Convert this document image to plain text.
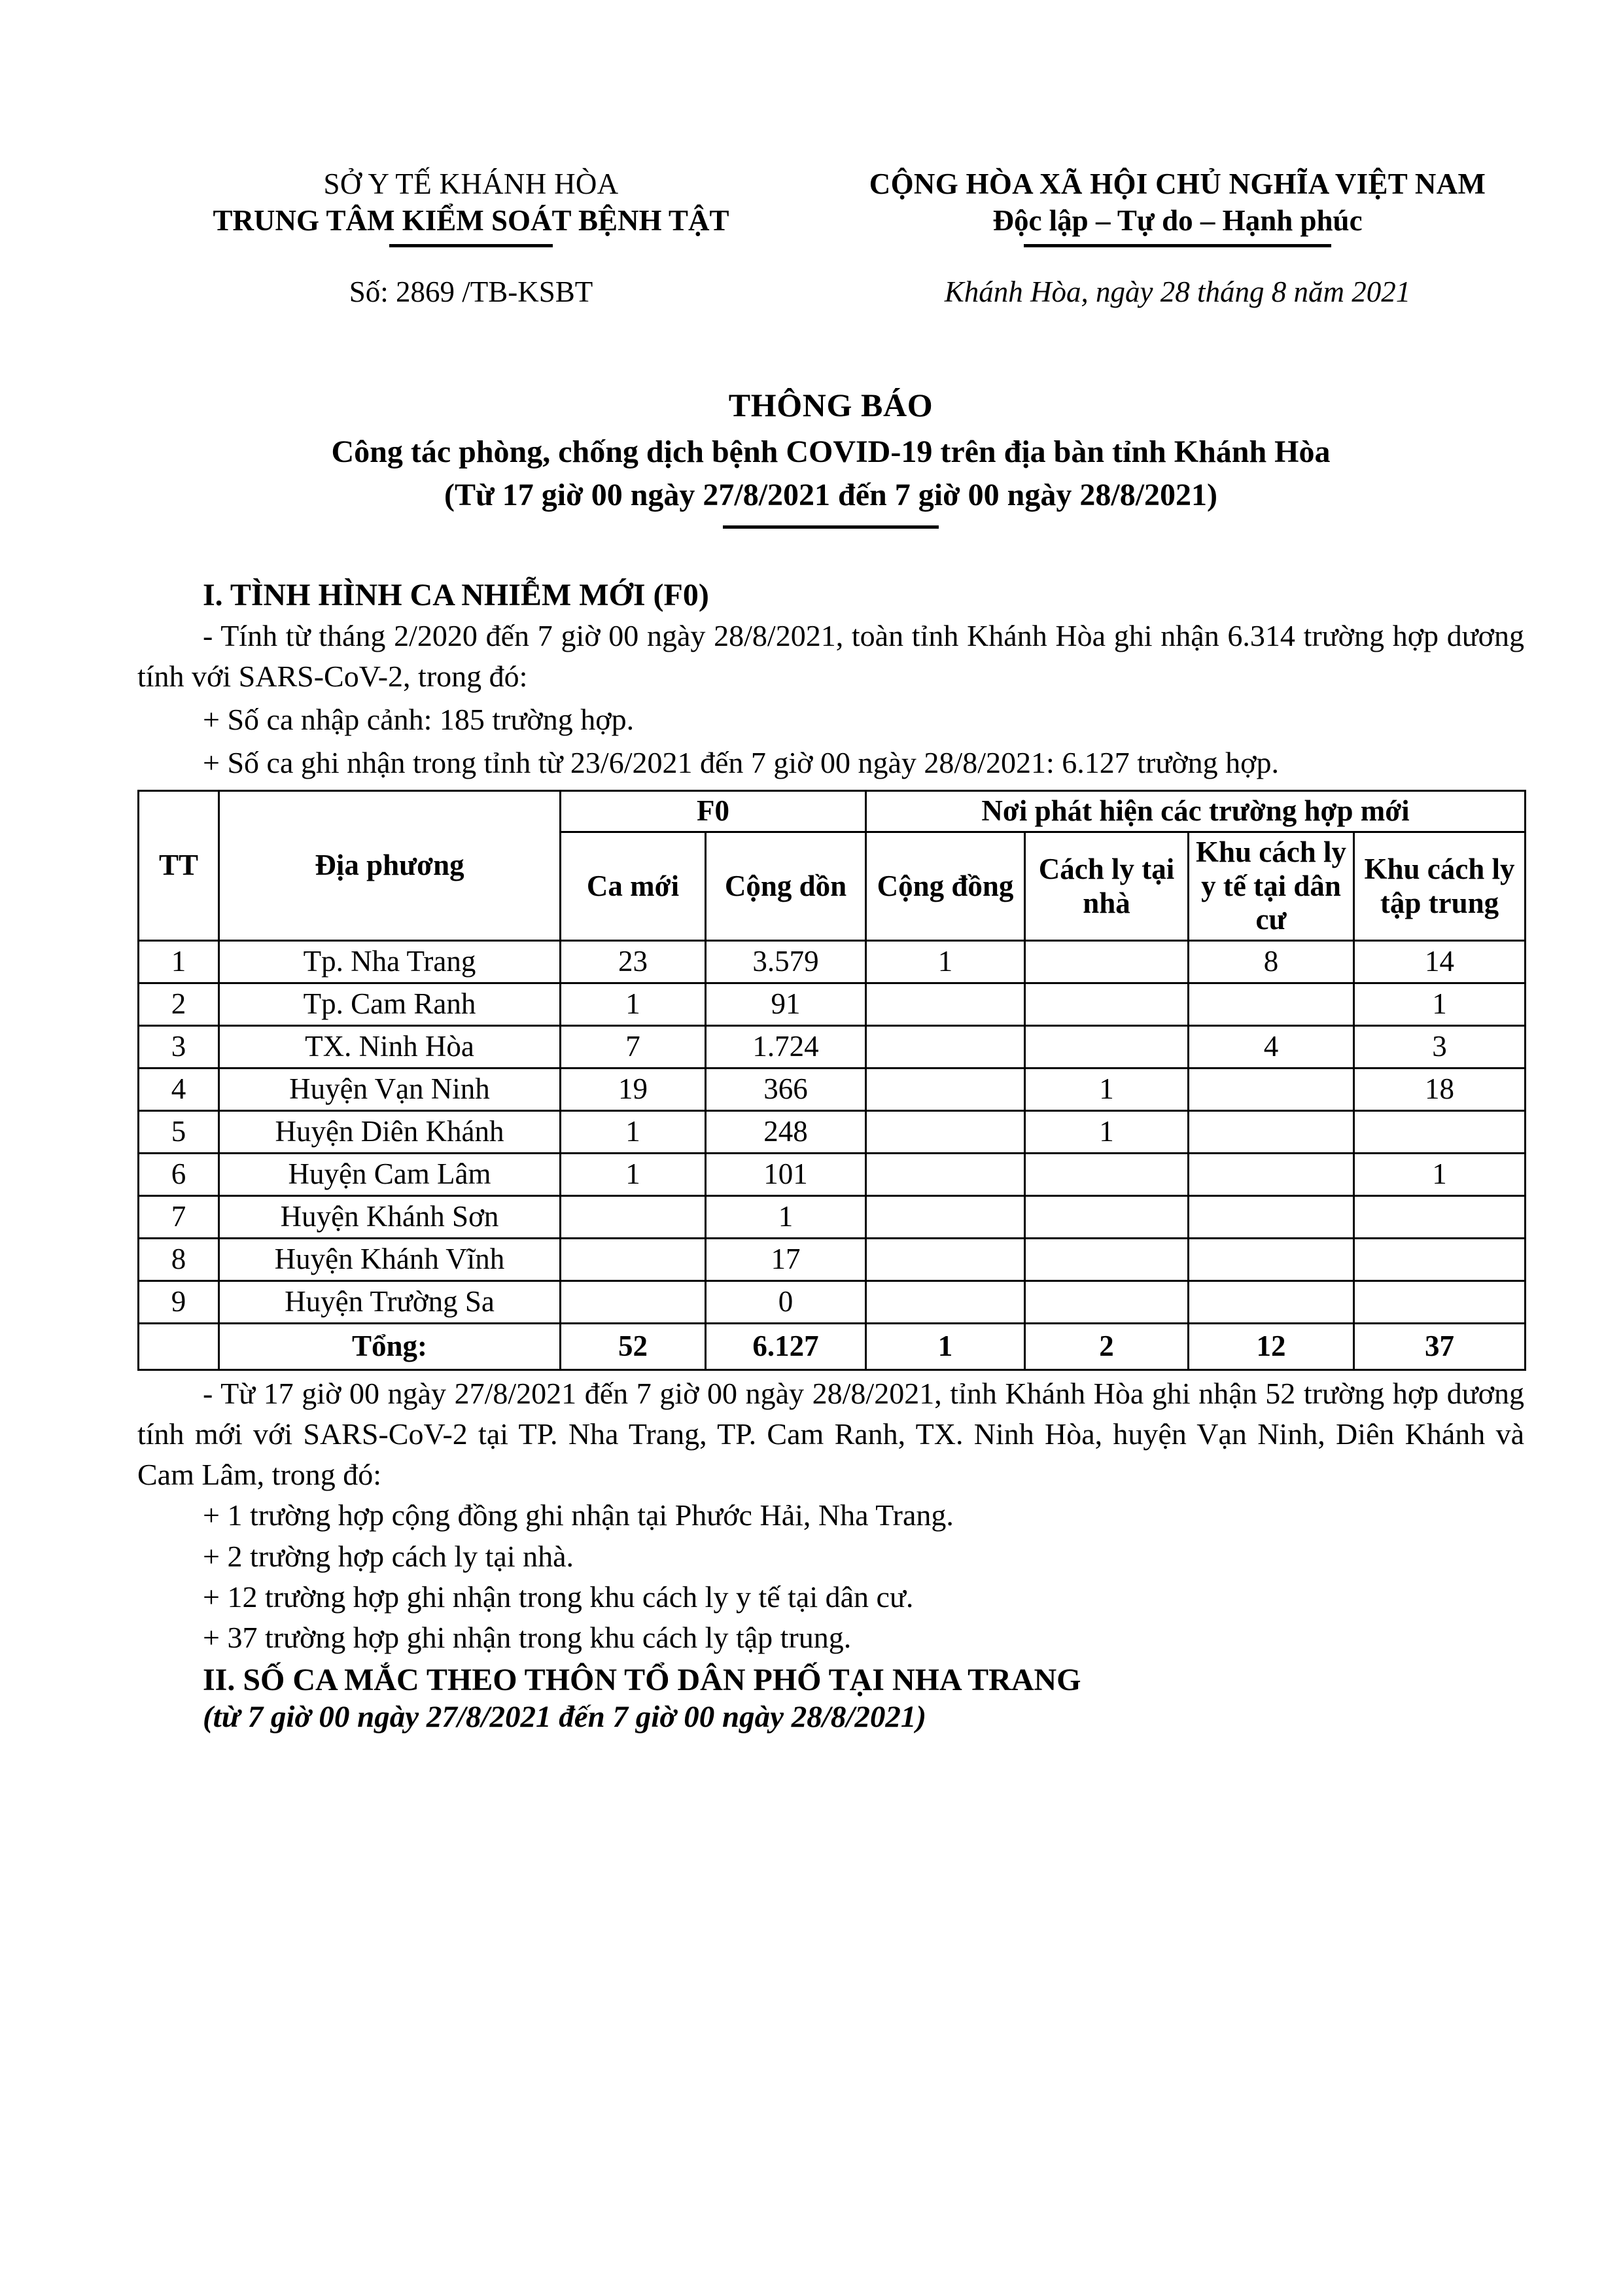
SỞ Y TẾ KHÁNH HÒA
TRUNG TÂM KIỂM SOÁT BỆNH TẬT
CỘNG HÒA XÃ HỘI CHỦ NGHĨA VIỆT NAM
Độc lập – Tự do – Hạnh phúc
Số: 2869 /TB-KSBT	Khánh Hòa, ngày 28 tháng 8 năm 2021
THÔNG BÁO
Công tác phòng, chống dịch bệnh COVID-19 trên địa bàn tỉnh Khánh Hòa
(Từ 17 giờ 00 ngày 27/8/2021 đến 7 giờ 00 ngày 28/8/2021)
I. TÌNH HÌNH CA NHIỄM MỚI (F0)

- Tính từ tháng 2/2020 đến 7 giờ 00 ngày 28/8/2021, toàn tỉnh Khánh Hòa ghi nhận 6.314 trường hợp dương tính với SARS-CoV-2, trong đó:

+ Số ca nhập cảnh: 185 trường hợp.

+ Số ca ghi nhận trong tỉnh từ 23/6/2021 đến 7 giờ 00 ngày 28/8/2021: 6.127 trường hợp.

TT	Địa phương	F0		Nơi phát hiện các trường hợp mới			
		Ca mới	Cộng dồn	Cộng đồng	Cách ly tại nhà	Khu cách ly y tế tại dân cư	Khu cách ly tập trung
1	Tp. Nha Trang	23	3.579	1		8	14
2	Tp. Cam Ranh	1	91				1
3	TX. Ninh Hòa	7	1.724			4	3
4	Huyện Vạn Ninh	19	366		1		18
5	Huyện Diên Khánh	1	248		1		
6	Huyện Cam Lâm	1	101				1
7	Huyện Khánh Sơn		1				
8	Huyện Khánh Vĩnh		17				
9	Huyện Trường Sa		0				
	Tổng:	52	6.127	1	2	12	37

- Từ 17 giờ 00 ngày 27/8/2021 đến 7 giờ 00 ngày 28/8/2021, tỉnh Khánh Hòa ghi nhận 52 trường hợp dương tính mới với SARS-CoV-2 tại TP. Nha Trang, TP. Cam Ranh, TX. Ninh Hòa, huyện Vạn Ninh, Diên Khánh và Cam Lâm, trong đó:

+ 1 trường hợp cộng đồng ghi nhận tại Phước Hải, Nha Trang.

+ 2 trường hợp cách ly tại nhà.

+ 12 trường hợp ghi nhận trong khu cách ly y tế tại dân cư.

+ 37 trường hợp ghi nhận trong khu cách ly tập trung.

II. SỐ CA MẮC THEO THÔN TỔ DÂN PHỐ TẠI NHA TRANG
(từ 7 giờ 00 ngày 27/8/2021 đến 7 giờ 00 ngày 28/8/2021)
